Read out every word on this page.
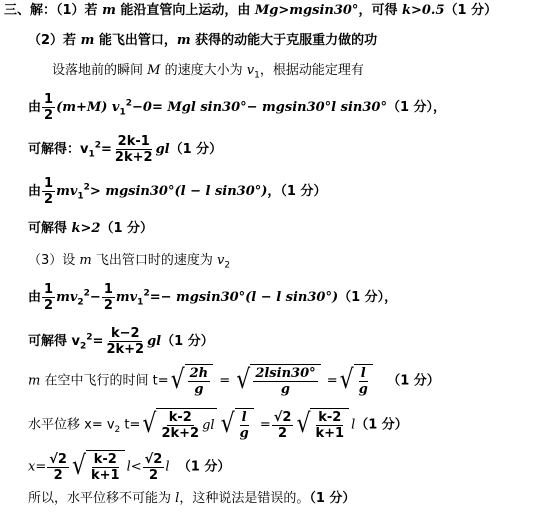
三、解：（1）若 m 能沿直管向上运动，由 Mg>mgsin30°，可得 k>0.5（1 分）
（2）若 m 能飞出管口，m 获得的动能大于克服重力做的功
设落地前的瞬间 M 的速度大小为 $v_1$，根据动能定理有
由 $\frac{1}{2} (m+M)$ $v_1^2-0=$ Mgl sin30°− mgsin30°l sin30°（1 分），
可解得：$v_1^2= \frac{2k-1}{2k+2} gl(1$ 分）
由 $\frac{1}{2} mv_1^2> mgsin30^\circ(l - l$ sin30°)，（1 分）
可解得 k>2（1 分）
（3）设 m 飞出管口时的速度为 $v_2$
由 $\frac{1}{2} mv_2^2- \frac{1}{2} mv_1^2=- mgsin30^\circ(l - l$ sin30°)（1 分），
可解得 $v_2^2= \frac{k-2}{2k+2} gl(1$ 分）
m 在空中飞行的时间 t= √ $\frac{2h}{g}$ = √ $\frac{2lsin30^\circ}{g}$ = √ $\frac{l}{g} (1$ 分）
水平位移 $x= v_2$ t= √ $\frac{k-2}{2k+2}$ gl √ $\frac{l}{g} = \frac{√2}{2}$ √ $\frac{k-2}{k+1} l(1$ 分）
$x= \frac{√2}{2}$ √ $\frac{k-2}{k+1} l< \frac{√2}{2}$ l （1 分）
所以，水平位移不可能为 l，这种说法是错误的。（1 分）
